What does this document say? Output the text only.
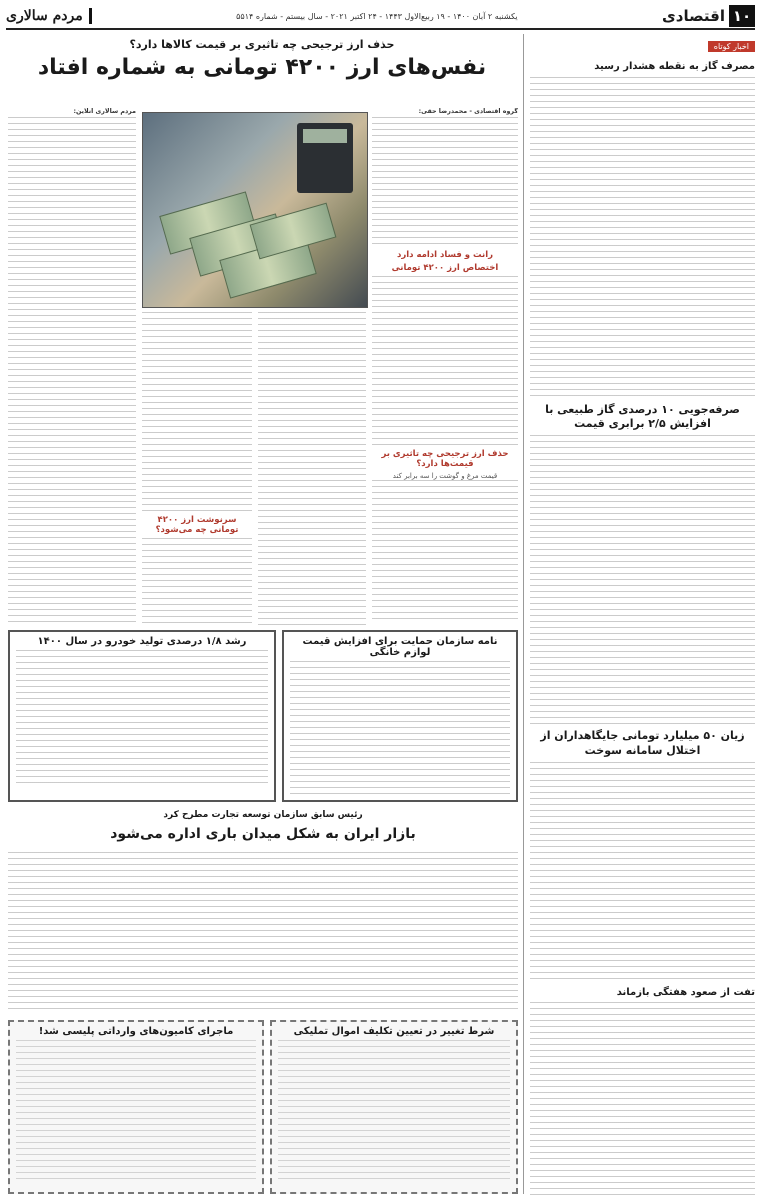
۱۰
اقتصادی
یکشنبه ۲ آبان ۱۴۰۰ - ۱۹ ربیع‌الاول ۱۴۴۳ - ۲۴ اکتبر ۲۰۲۱ - سال بیستم - شماره ۵۵۱۴
مردم سالاری
اخبار کوتاه
مصرف گاز به نقطه هشدار رسید
صرفه‌جویی ۱۰ درصدی گاز طبیعی با افزایش ۲/۵ برابری قیمت
زیان ۵۰ میلیارد تومانی جایگاهداران از اختلال سامانه سوخت
تفت از صعود هفتگی بازماند
حذف ارز ترجیحی چه تاثیری بر قیمت کالاها دارد؟
نفس‌های ارز ۴۲۰۰ تومانی به شماره افتاد
گروه اقتصادی - محمدرضا حقی:
رانت و فساد ادامه دارد
اختصاص ارز ۴۲۰۰ تومانی
حذف ارز ترجیحی چه تاثیری بر قیمت‌ها دارد؟
قیمت مرغ و گوشت را سه برابر کند
مردم سالاری آنلاین:
سرنوشت ارز ۴۲۰۰ تومانی چه می‌شود؟
نامه سازمان حمایت برای افزایش قیمت لوازم خانگی
رشد ۱/۸ درصدی تولید خودرو در سال ۱۴۰۰
رئیس سابق سازمان توسعه تجارت مطرح کرد
بازار ایران به شکل میدان باری اداره می‌شود
شرط تغییر در تعیین تکلیف اموال تملیکی
ماجرای کامیون‌های وارداتی پلیسی شد!
